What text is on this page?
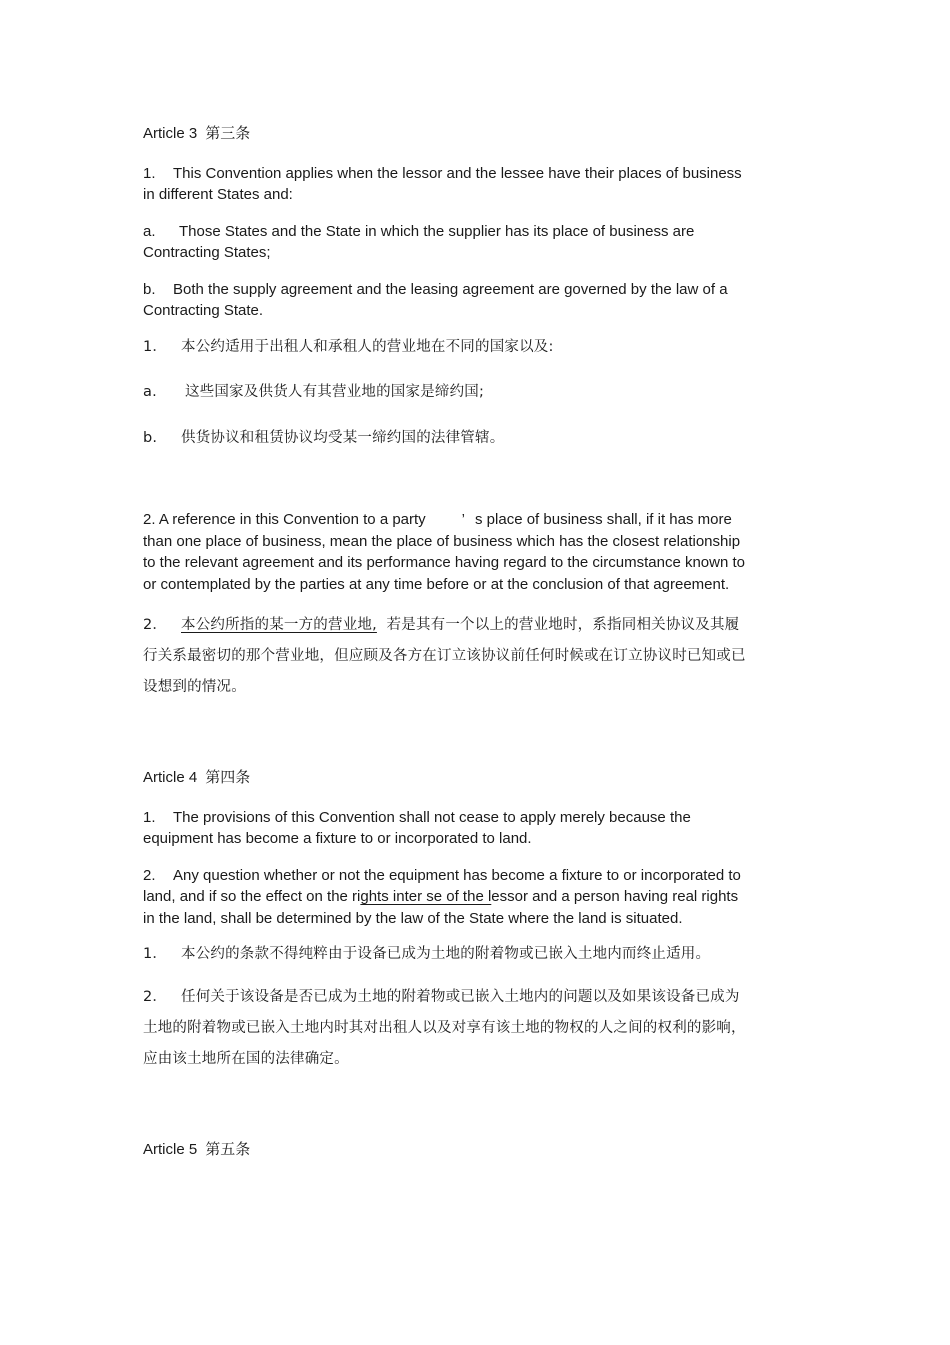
Article 3 第三条
1. This Convention applies when the lessor and the lessee have their places of business in different States and:
a. Those States and the State in which the supplier has its place of business are Contracting States;
b. Both the supply agreement and the leasing agreement are governed by the law of a Contracting State.
1． 本公约适用于出租人和承租人的营业地在不同的国家以及:
a. 这些国家及供货人有其营业地的国家是缔约国;
b. 供货协议和租赁协议均受某一缔约国的法律管辖。
2. A reference in this Convention to a party ’ s place of business shall, if it has more than one place of business, mean the place of business which has the closest relationship to the relevant agreement and its performance having regard to the circumstance known to or contemplated by the parties at any time before or at the conclusion of that agreement.
2． 本公约所指的某一方的营业地, 若是其有一个以上的营业地时，系指同相关协议及其履行关系最密切的那个营业地，但应顾及各方在订立该协议前任何时候或在订立协议时已知或已设想到的情况。
Article 4 第四条
1. The provisions of this Convention shall not cease to apply merely because the equipment has become a fixture to or incorporated to land.
2. Any question whether or not the equipment has become a fixture to or incorporated to land, and if so the effect on the rights inter se of the lessor and a person having real rights in the land, shall be determined by the law of the State where the land is situated.
1． 本公约的条款不得纯粹由于设备已成为土地的附着物或已嵌入土地内而终止适用。
2． 任何关于该设备是否已成为土地的附着物或已嵌入土地内的问题以及如果该设备已成为土地的附着物或已嵌入土地内时其对出租人以及对享有该土地的物权的人之间的权利的影响，应由该土地所在国的法律确定。
Article 5 第五条
